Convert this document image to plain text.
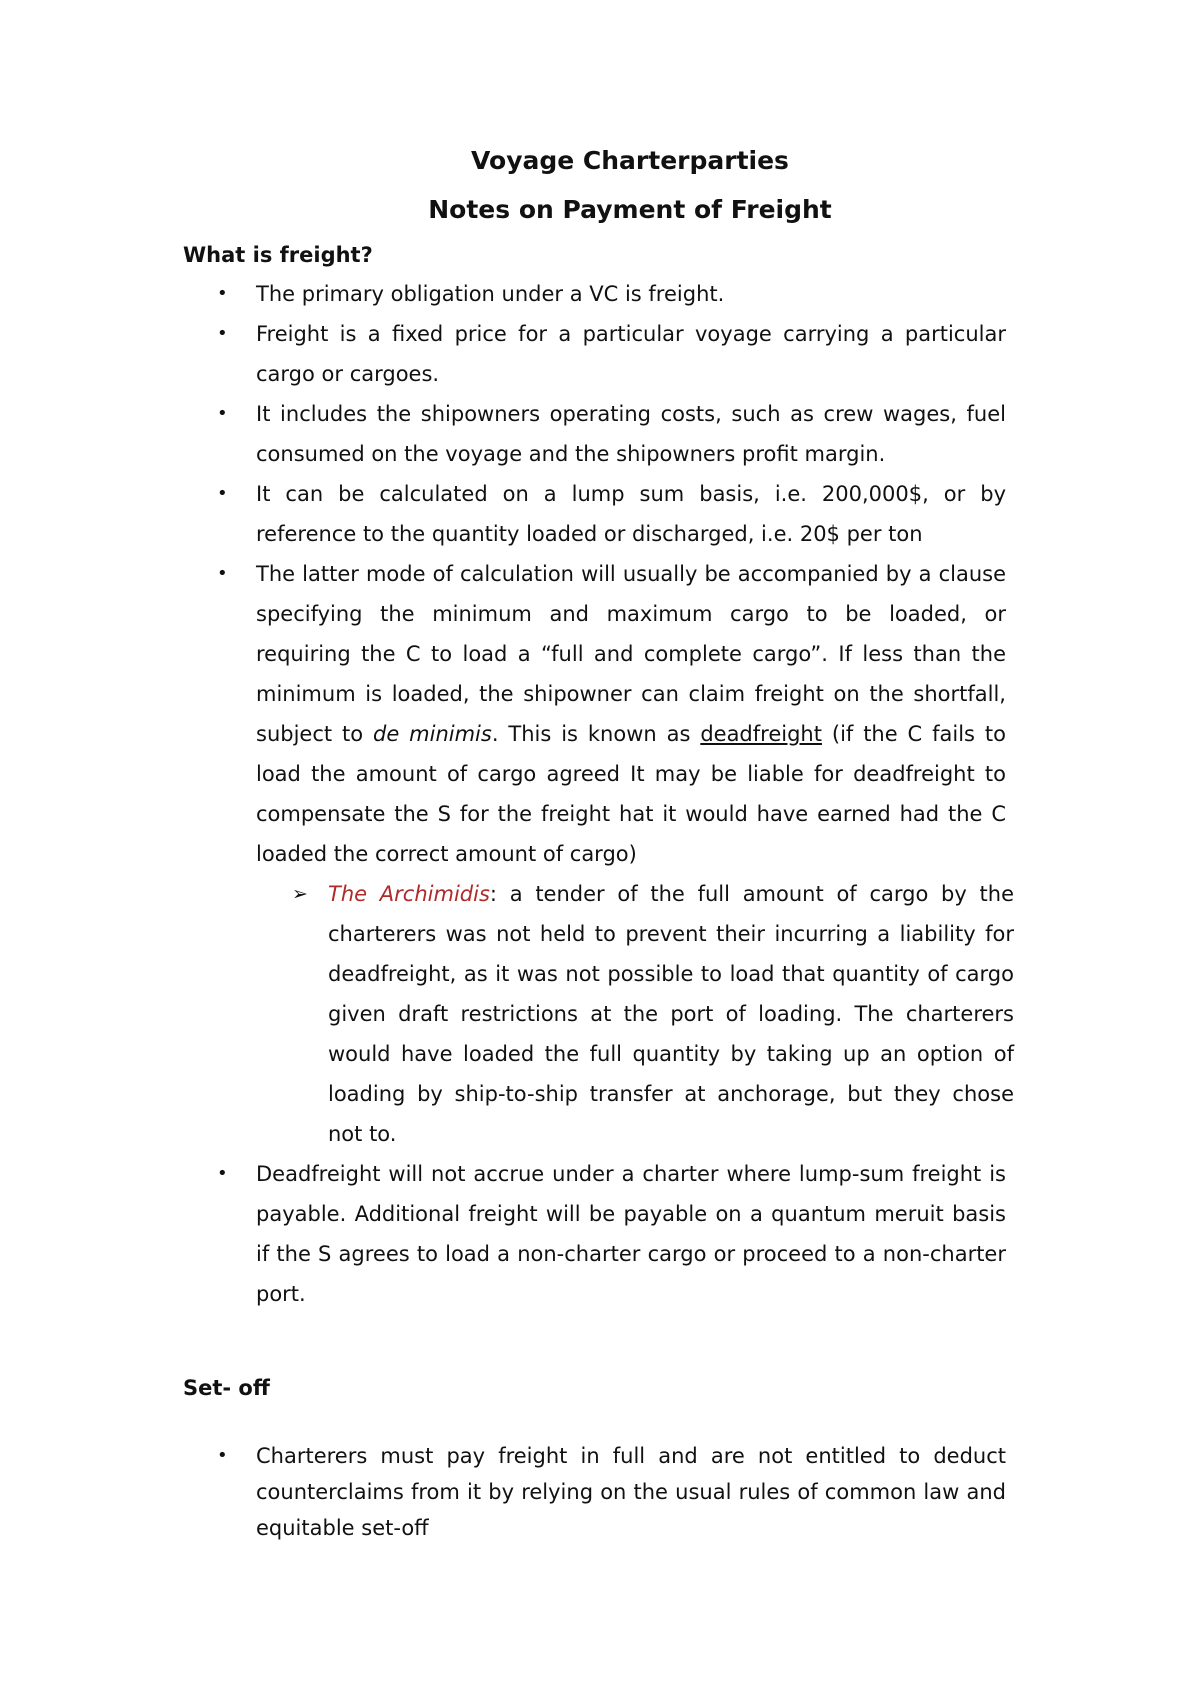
Voyage Charterparties
Notes on Payment of Freight
What is freight?
• The primary obligation under a VC is freight.
• Freight is a fixed price for a particular voyage carrying a particular cargo or cargoes.
• It includes the shipowners operating costs, such as crew wages, fuel consumed on the voyage and the shipowners profit margin.
• It can be calculated on a lump sum basis, i.e. 200,000$, or by reference to the quantity loaded or discharged, i.e. 20$ per ton
• The latter mode of calculation will usually be accompanied by a clause specifying the minimum and maximum cargo to be loaded, or requiring the C to load a “full and complete cargo”. If less than the minimum is loaded, the shipowner can claim freight on the shortfall, subject to de minimis. This is known as deadfreight (if the C fails to load the amount of cargo agreed It may be liable for deadfreight to compensate the S for the freight hat it would have earned had the C loaded the correct amount of cargo)
➢ The Archimidis: a tender of the full amount of cargo by the charterers was not held to prevent their incurring a liability for deadfreight, as it was not possible to load that quantity of cargo given draft restrictions at the port of loading. The charterers would have loaded the full quantity by taking up an option of loading by ship-to-ship transfer at anchorage, but they chose not to.
• Deadfreight will not accrue under a charter where lump-sum freight is payable. Additional freight will be payable on a quantum meruit basis if the S agrees to load a non-charter cargo or proceed to a non-charter port.
Set- off
• Charterers must pay freight in full and are not entitled to deduct counterclaims from it by relying on the usual rules of common law and equitable set-off
